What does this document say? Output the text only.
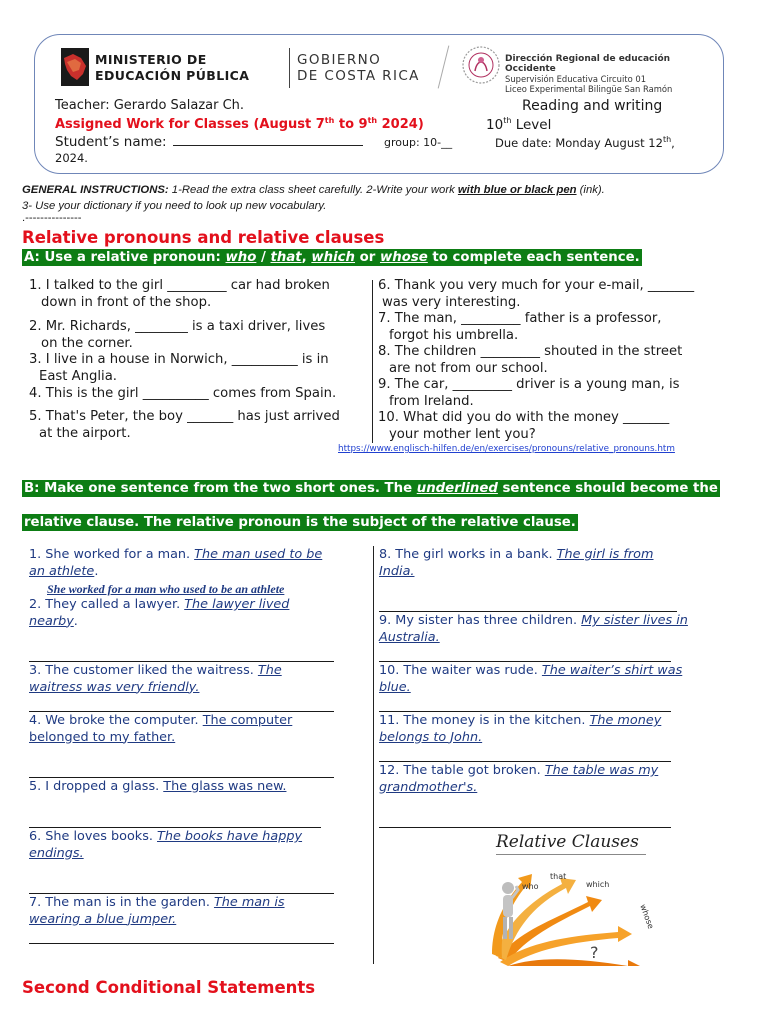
MINISTERIO DE
EDUCACIÓN PÚBLICA
GOBIERNO
DE COSTA RICA
Dirección Regional de educación Occidente
Supervisión Educativa Circuito 01
Liceo Experimental Bilingüe San Ramón
Teacher: Gerardo Salazar Ch.	Reading and writing
Assigned Work for Classes (August 7th to 9th 2024)	10th Level
Student’s name:	group: 10-__	Due date: Monday August 12th,
2024.
GENERAL INSTRUCTIONS: 1-Read the extra class sheet carefully. 2-Write your work with blue or black pen (ink).
3- Use your dictionary if you need to look up new vocabulary.
.---------------
Relative pronouns and relative clauses
A: Use a relative pronoun: who / that, which or whose to complete each sentence.
1. I talked to the girl _________ car had broken
down in front of the shop.
2. Mr. Richards, ________ is a taxi driver, lives
on the corner.
3. I live in a house in Norwich, __________ is in
East Anglia.
4. This is the girl __________ comes from Spain.
5. That's Peter, the boy _______ has just arrived
at the airport.
6. Thank you very much for your e-mail, _______
was very interesting.
7. The man, _________ father is a professor,
forgot his umbrella.
8. The children _________ shouted in the street
are not from our school.
9. The car, _________ driver is a young man, is
from Ireland.
10. What did you do with the money _______
your mother lent you?
https://www.englisch-hilfen.de/en/exercises/pronouns/relative_pronouns.htm
B: Make one sentence from the two short ones. The underlined sentence should become the
relative clause. The relative pronoun is the subject of the relative clause.
1. She worked for a man. The man used to be
an athlete.
She worked for a man who used to be an athlete
2. They called a lawyer. The lawyer lived
nearby.
3. The customer liked the waitress. The
waitress was very friendly.
4. We broke the computer. The computer
belonged to my father.
5. I dropped a glass. The glass was new.
6. She loves books. The books have happy
endings.
7. The man is in the garden. The man is
wearing a blue jumper.
8. The girl works in a bank. The girl is from
India.
9. My sister has three children. My sister lives in
Australia.
10. The waiter was rude. The waiter’s shirt was
blue.
11. The money is in the kitchen. The money
belongs to John.
12. The table got broken. The table was my
grandmother's.
Relative Clauses
?
who
that
which
whose
Second Conditional Statements
